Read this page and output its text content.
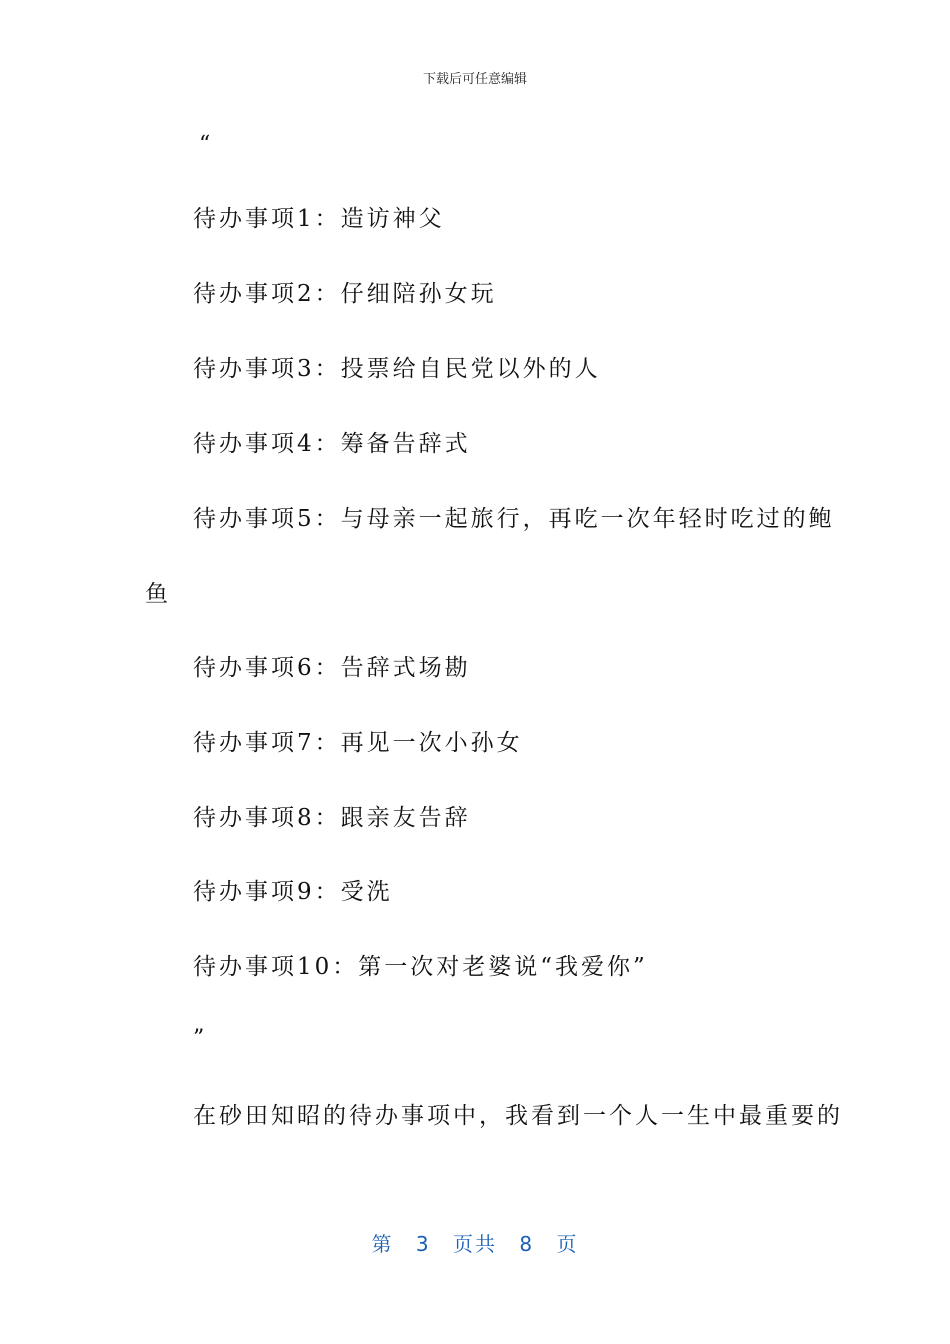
下载后可任意编辑
“
待办事项1：造访神父
待办事项2：仔细陪孙女玩
待办事项3：投票给自民党以外的人
待办事项4：筹备告辞式
待办事项5：与母亲一起旅行，再吃一次年轻时吃过的鲍
鱼
待办事项6：告辞式场勘
待办事项7：再见一次小孙女
待办事项8：跟亲友告辞
待办事项9：受洗
待办事项10：第一次对老婆说“我爱你”
”
在砂田知昭的待办事项中，我看到一个人一生中最重要的
第 3 页共 8 页
